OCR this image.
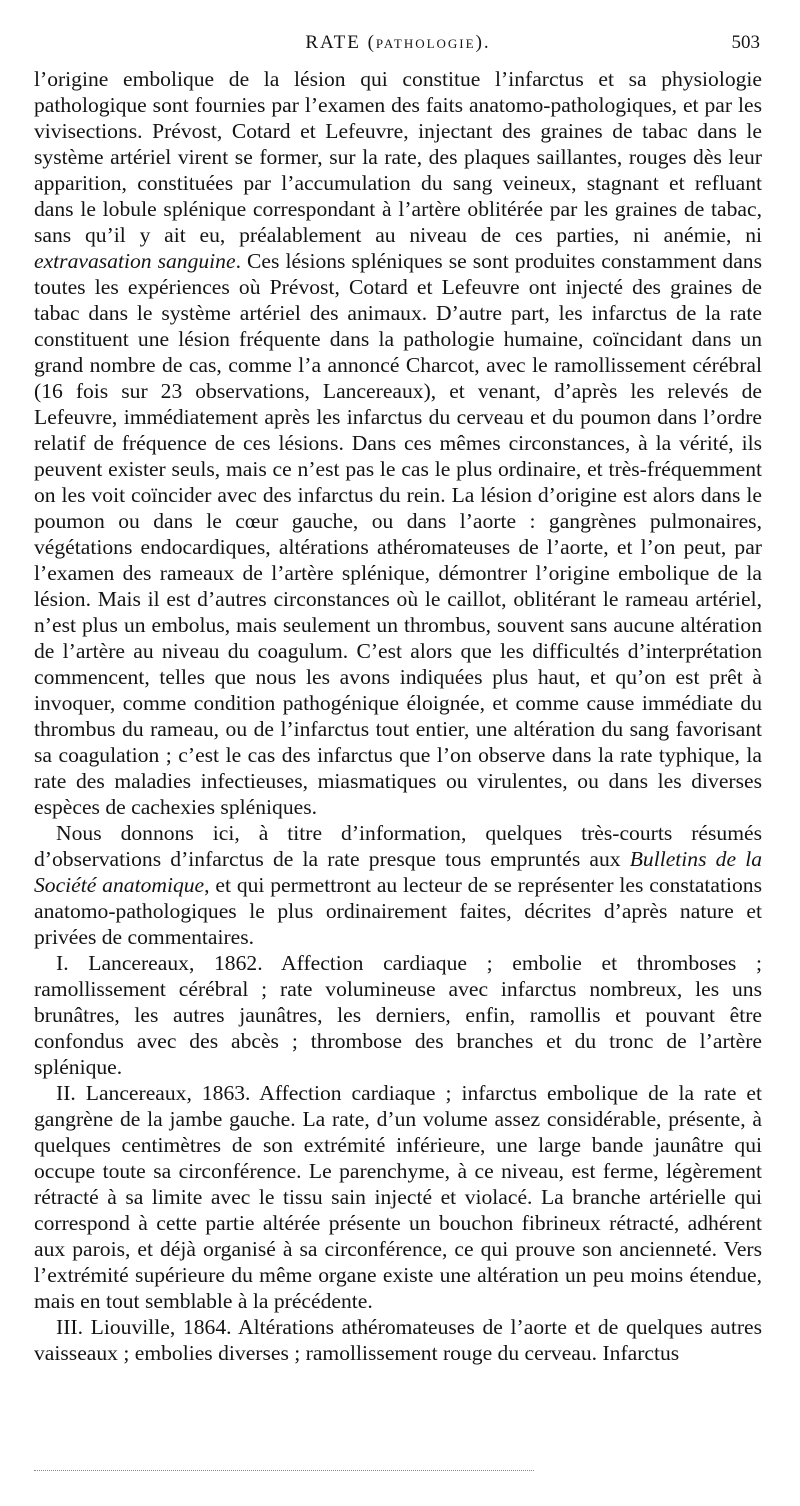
RATE (PATHOLOGIE).	503

l’origine embolique de la lésion qui constitue l’infarctus et sa physiologie pathologique sont fournies par l’examen des faits anatomo-pathologiques, et par les vivisections. Prévost, Cotard et Lefeuvre, injectant des graines de tabac dans le système artériel virent se former, sur la rate, des plaques saillantes, rouges dès leur apparition, constituées par l’accumulation du sang veineux, stagnant et refluant dans le lobule splénique correspondant à l’artère oblitérée par les graines de tabac, sans qu’il y ait eu, préalablement au niveau de ces parties, ni anémie, ni extravasation sanguine. Ces lésions spléniques se sont produites constamment dans toutes les expériences où Prévost, Cotard et Lefeuvre ont injecté des graines de tabac dans le système artériel des animaux. D’autre part, les infarctus de la rate constituent une lésion fréquente dans la pathologie humaine, coïncidant dans un grand nombre de cas, comme l’a annoncé Charcot, avec le ramollissement cérébral (16 fois sur 23 observations, Lancereaux), et venant, d’après les relevés de Lefeuvre, immédiatement après les infarctus du cerveau et du poumon dans l’ordre relatif de fréquence de ces lésions. Dans ces mêmes circonstances, à la vérité, ils peuvent exister seuls, mais ce n’est pas le cas le plus ordinaire, et très-fréquemment on les voit coïncider avec des infarctus du rein. La lésion d’origine est alors dans le poumon ou dans le cœur gauche, ou dans l’aorte : gangrènes pulmonaires, végétations endocardiques, altérations athéromateuses de l’aorte, et l’on peut, par l’examen des rameaux de l’artère splénique, démontrer l’origine embolique de la lésion. Mais il est d’autres circonstances où le caillot, oblitérant le rameau artériel, n’est plus un embolus, mais seulement un thrombus, souvent sans aucune altération de l’artère au niveau du coagulum. C’est alors que les difficultés d’interprétation commencent, telles que nous les avons indiquées plus haut, et qu’on est prêt à invoquer, comme condition pathogénique éloignée, et comme cause immédiate du thrombus du rameau, ou de l’infarctus tout entier, une altération du sang favorisant sa coagulation ; c’est le cas des infarctus que l’on observe dans la rate typhique, la rate des maladies infectieuses, miasmatiques ou virulentes, ou dans les diverses espèces de cachexies spléniques.

Nous donnons ici, à titre d’information, quelques très-courts résumés d’observations d’infarctus de la rate presque tous empruntés aux Bulletins de la Société anatomique, et qui permettront au lecteur de se représenter les constatations anatomo-pathologiques le plus ordinairement faites, décrites d’après nature et privées de commentaires.

I. Lancereaux, 1862. Affection cardiaque ; embolie et thromboses ; ramollissement cérébral ; rate volumineuse avec infarctus nombreux, les uns brunâtres, les autres jaunâtres, les derniers, enfin, ramollis et pouvant être confondus avec des abcès ; thrombose des branches et du tronc de l’artère splénique.

II. Lancereaux, 1863. Affection cardiaque ; infarctus embolique de la rate et gangrène de la jambe gauche. La rate, d’un volume assez considérable, présente, à quelques centimètres de son extrémité inférieure, une large bande jaunâtre qui occupe toute sa circonférence. Le parenchyme, à ce niveau, est ferme, légèrement rétracté à sa limite avec le tissu sain injecté et violacé. La branche artérielle qui correspond à cette partie altérée présente un bouchon fibrineux rétracté, adhérent aux parois, et déjà organisé à sa circonférence, ce qui prouve son ancienneté. Vers l’extrémité supérieure du même organe existe une altération un peu moins étendue, mais en tout semblable à la précédente.

III. Liouville, 1864. Altérations athéromateuses de l’aorte et de quelques autres vaisseaux ; embolies diverses ; ramollissement rouge du cerveau. Infarctus
